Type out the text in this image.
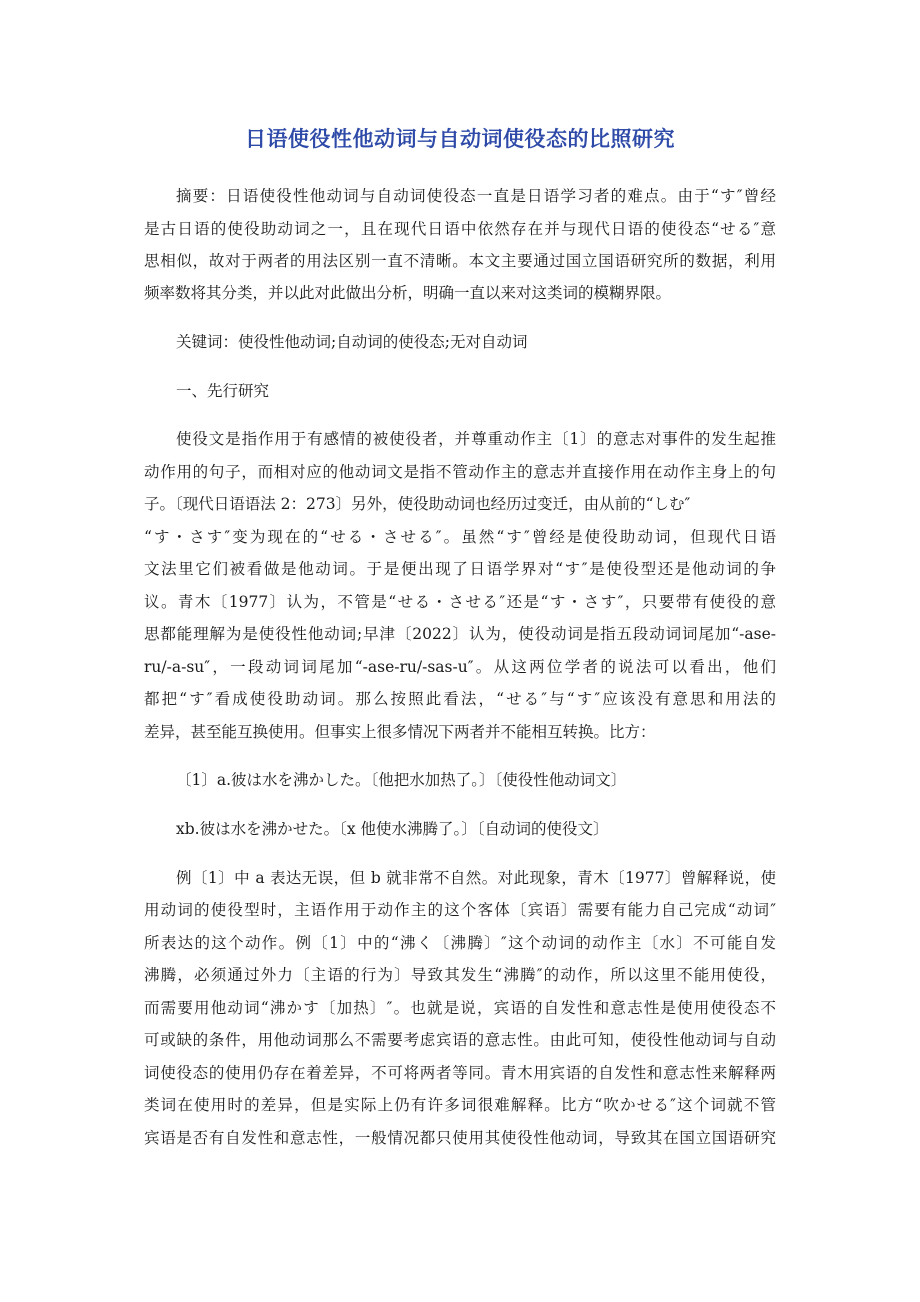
日语使役性他动词与自动词使役态的比照研究
摘要：日语使役性他动词与自动词使役态一直是日语学习者的难点。由于“す″曾经
是古日语的使役助动词之一，且在现代日语中依然存在并与现代日语的使役态“せる″意
思相似，故对于两者的用法区别一直不清晰。本文主要通过国立国语研究所的数据，利用
频率数将其分类，并以此对此做出分析，明确一直以来对这类词的模糊界限。
关键词：使役性他动词;自动词的使役态;无对自动词
一、先行研究
使役文是指作用于有感情的被使役者，并尊重动作主〔1〕的意志对事件的发生起推
动作用的句子，而相对应的他动词文是指不管动作主的意志并直接作用在动作主身上的句
子。〔现代日语语法 2：273〕另外，使役助动词也经历过变迁，由从前的“しむ″
“す・さす″变为现在的“せる・させる″。虽然“す″曾经是使役助动词，但现代日语
文法里它们被看做是他动词。于是便出现了日语学界对“す″是使役型还是他动词的争
议。青木〔1977〕认为，不管是“せる・させる″还是“す・さす″，只要带有使役的意
思都能理解为是使役性他动词;早津〔2022〕认为，使役动词是指五段动词词尾加“-ase-
ru/-a-su″，一段动词词尾加“-ase-ru/-sas-u″。从这两位学者的说法可以看出，他们
都把“す″看成使役助动词。那么按照此看法，“せる″与“す″应该没有意思和用法的
差异，甚至能互换使用。但事实上很多情况下两者并不能相互转换。比方：
〔1〕a.彼は水を沸かした。〔他把水加热了。〕〔使役性他动词文〕
xb.彼は水を沸かせた。〔x 他使水沸腾了。〕〔自动词的使役文〕
例〔1〕中 a 表达无误，但 b 就非常不自然。对此现象，青木〔1977〕曾解释说，使
用动词的使役型时，主语作用于动作主的这个客体〔宾语〕需要有能力自己完成“动词″
所表达的这个动作。例〔1〕中的“沸く〔沸腾〕″这个动词的动作主〔水〕不可能自发
沸腾，必须通过外力〔主语的行为〕导致其发生“沸腾″的动作，所以这里不能用使役，
而需要用他动词“沸かす〔加热〕″。也就是说，宾语的自发性和意志性是使用使役态不
可或缺的条件，用他动词那么不需要考虑宾语的意志性。由此可知，使役性他动词与自动
词使役态的使用仍存在着差异，不可将两者等同。青木用宾语的自发性和意志性来解释两
类词在使用时的差异，但是实际上仍有许多词很难解释。比方“吹かせる″这个词就不管
宾语是否有自发性和意志性，一般情况都只使用其使役性他动词，导致其在国立国语研究
